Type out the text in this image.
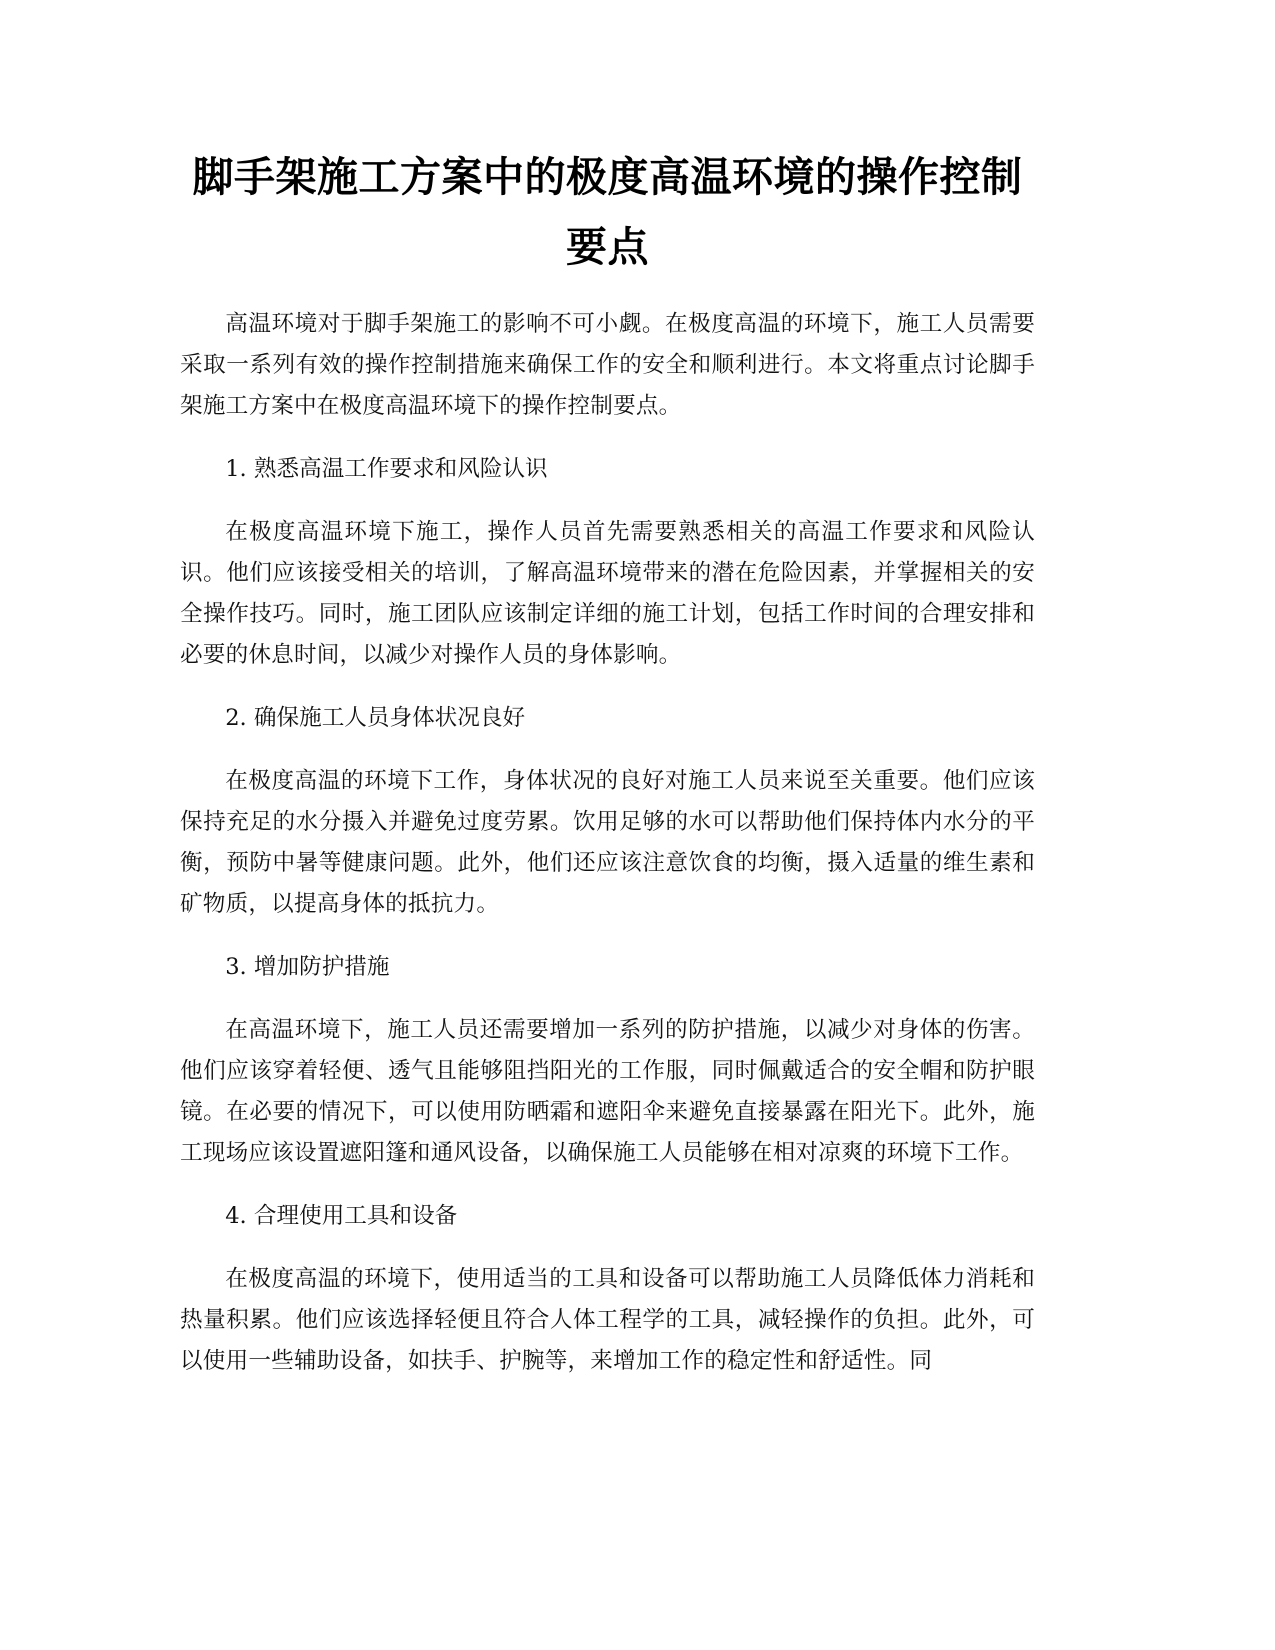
脚手架施工方案中的极度高温环境的操作控制要点

高温环境对于脚手架施工的影响不可小觑。在极度高温的环境下，施工人员需要采取一系列有效的操作控制措施来确保工作的安全和顺利进行。本文将重点讨论脚手架施工方案中在极度高温环境下的操作控制要点。

1. 熟悉高温工作要求和风险认识

在极度高温环境下施工，操作人员首先需要熟悉相关的高温工作要求和风险认识。他们应该接受相关的培训，了解高温环境带来的潜在危险因素，并掌握相关的安全操作技巧。同时，施工团队应该制定详细的施工计划，包括工作时间的合理安排和必要的休息时间，以减少对操作人员的身体影响。

2. 确保施工人员身体状况良好

在极度高温的环境下工作，身体状况的良好对施工人员来说至关重要。他们应该保持充足的水分摄入并避免过度劳累。饮用足够的水可以帮助他们保持体内水分的平衡，预防中暑等健康问题。此外，他们还应该注意饮食的均衡，摄入适量的维生素和矿物质，以提高身体的抵抗力。

3. 增加防护措施

在高温环境下，施工人员还需要增加一系列的防护措施，以减少对身体的伤害。他们应该穿着轻便、透气且能够阻挡阳光的工作服，同时佩戴适合的安全帽和防护眼镜。在必要的情况下，可以使用防晒霜和遮阳伞来避免直接暴露在阳光下。此外，施工现场应该设置遮阳篷和通风设备，以确保施工人员能够在相对凉爽的环境下工作。

4. 合理使用工具和设备

在极度高温的环境下，使用适当的工具和设备可以帮助施工人员降低体力消耗和热量积累。他们应该选择轻便且符合人体工程学的工具，减轻操作的负担。此外，可以使用一些辅助设备，如扶手、护腕等，来增加工作的稳定性和舒适性。同
